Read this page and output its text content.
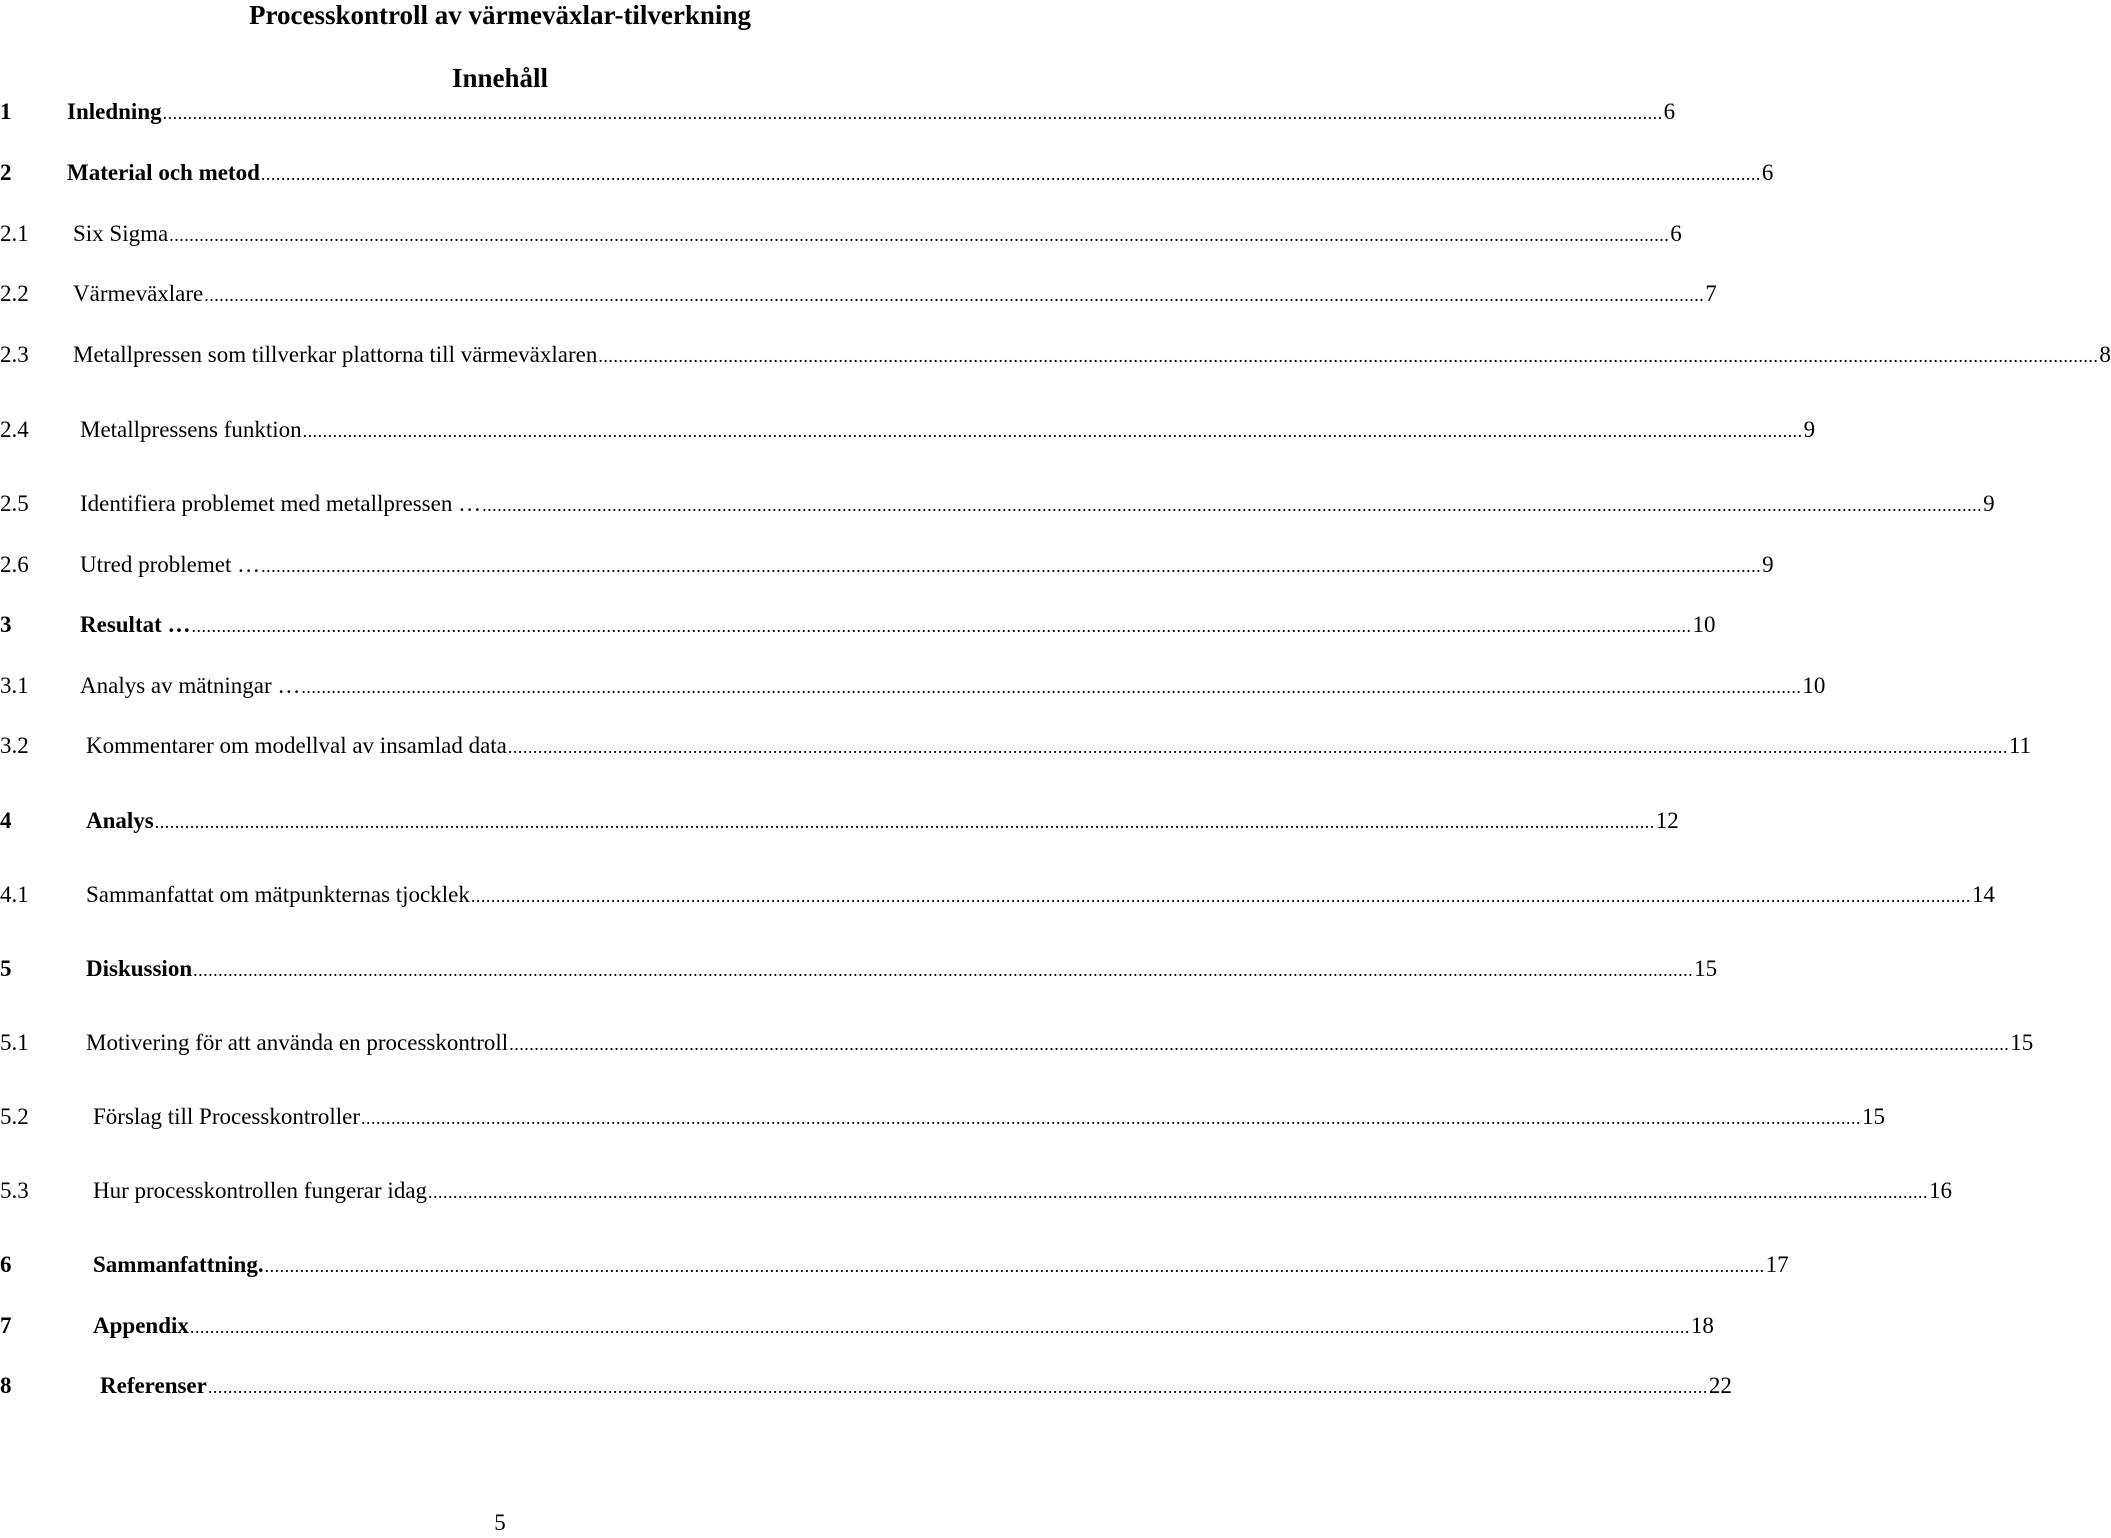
Processkontroll av värmeväxlar-tilverkning
Innehåll
1 Inledning ............................................................................................................................................................................................................................................................................................................ 6
2 Material och metod ............................................................................................................................................................................................................................................................................................................ 6
2.1 Six Sigma ............................................................................................................................................................................................................................................................................................................ 6
2.2 Värmeväxlare ............................................................................................................................................................................................................................................................................................................ 7
2.3 Metallpressen som tillverkar plattorna till värmeväxlaren ............................................................................................................................................................................................................................................................................................................ 8
2.4 Metallpressens funktion ............................................................................................................................................................................................................................................................................................................ 9
2.5 Identifiera problemet med metallpressen … ............................................................................................................................................................................................................................................................................................................ 9
2.6 Utred problemet … ............................................................................................................................................................................................................................................................................................................ 9
3	Resultat … ............................................................................................................................................................................................................................................................................................................ 10
3.1 Analys av mätningar … ............................................................................................................................................................................................................................................................................................................ 10
3.2 Kommentarer om modellval av insamlad data ............................................................................................................................................................................................................................................................................................................ 11
4	Analys ............................................................................................................................................................................................................................................................................................................ 12
4.1 Sammanfattat om mätpunkternas tjocklek ............................................................................................................................................................................................................................................................................................................ 14
5	Diskussion ............................................................................................................................................................................................................................................................................................................ 15
5.1 Motivering för att använda en processkontroll ............................................................................................................................................................................................................................................................................................................ 15
5.2	Förslag till Processkontroller ............................................................................................................................................................................................................................................................................................................ 15
5.3	Hur processkontrollen fungerar idag ............................................................................................................................................................................................................................................................................................................ 16
6	Sammanfattning. ............................................................................................................................................................................................................................................................................................................ 17
7	Appendix ............................................................................................................................................................................................................................................................................................................ 18
8	Referenser ............................................................................................................................................................................................................................................................................................................ 22
5
